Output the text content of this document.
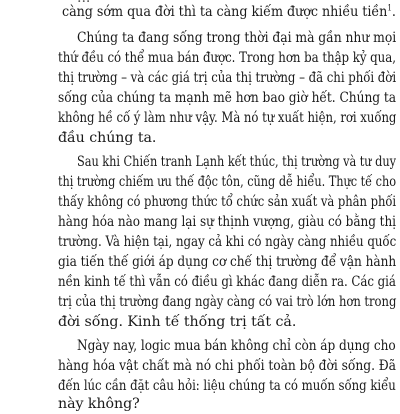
càng sớm qua đời thì ta càng kiếm được nhiều tiền$^1$.
Chúng ta đang sống trong thời đại mà gần như mọi
thứ đều có thể mua bán được. Trong hơn ba thập kỷ qua,
thị trường – và các giá trị của thị trường – đã chi phối đời
sống của chúng ta mạnh mẽ hơn bao giờ hết. Chúng ta
không hề cố ý làm như vậy. Mà nó tự xuất hiện, rơi xuống
đầu chúng ta.
Sau khi Chiến tranh Lạnh kết thúc, thị trường và tư duy
thị trường chiếm ưu thế độc tôn, cũng dễ hiểu. Thực tế cho
thấy không có phương thức tổ chức sản xuất và phân phối
hàng hóa nào mang lại sự thịnh vượng, giàu có bằng thị
trường. Và hiện tại, ngay cả khi có ngày càng nhiều quốc
gia tiến thế giới áp dụng cơ chế thị trường để vận hành
nền kinh tế thì vẫn có điều gì khác đang diễn ra. Các giá
trị của thị trường đang ngày càng có vai trò lớn hơn trong
đời sống. Kinh tế thống trị tất cả.
Ngày nay, logic mua bán không chỉ còn áp dụng cho
hàng hóa vật chất mà nó chi phối toàn bộ đời sống. Đã
đến lúc cần đặt câu hỏi: liệu chúng ta có muốn sống kiểu
này không?
